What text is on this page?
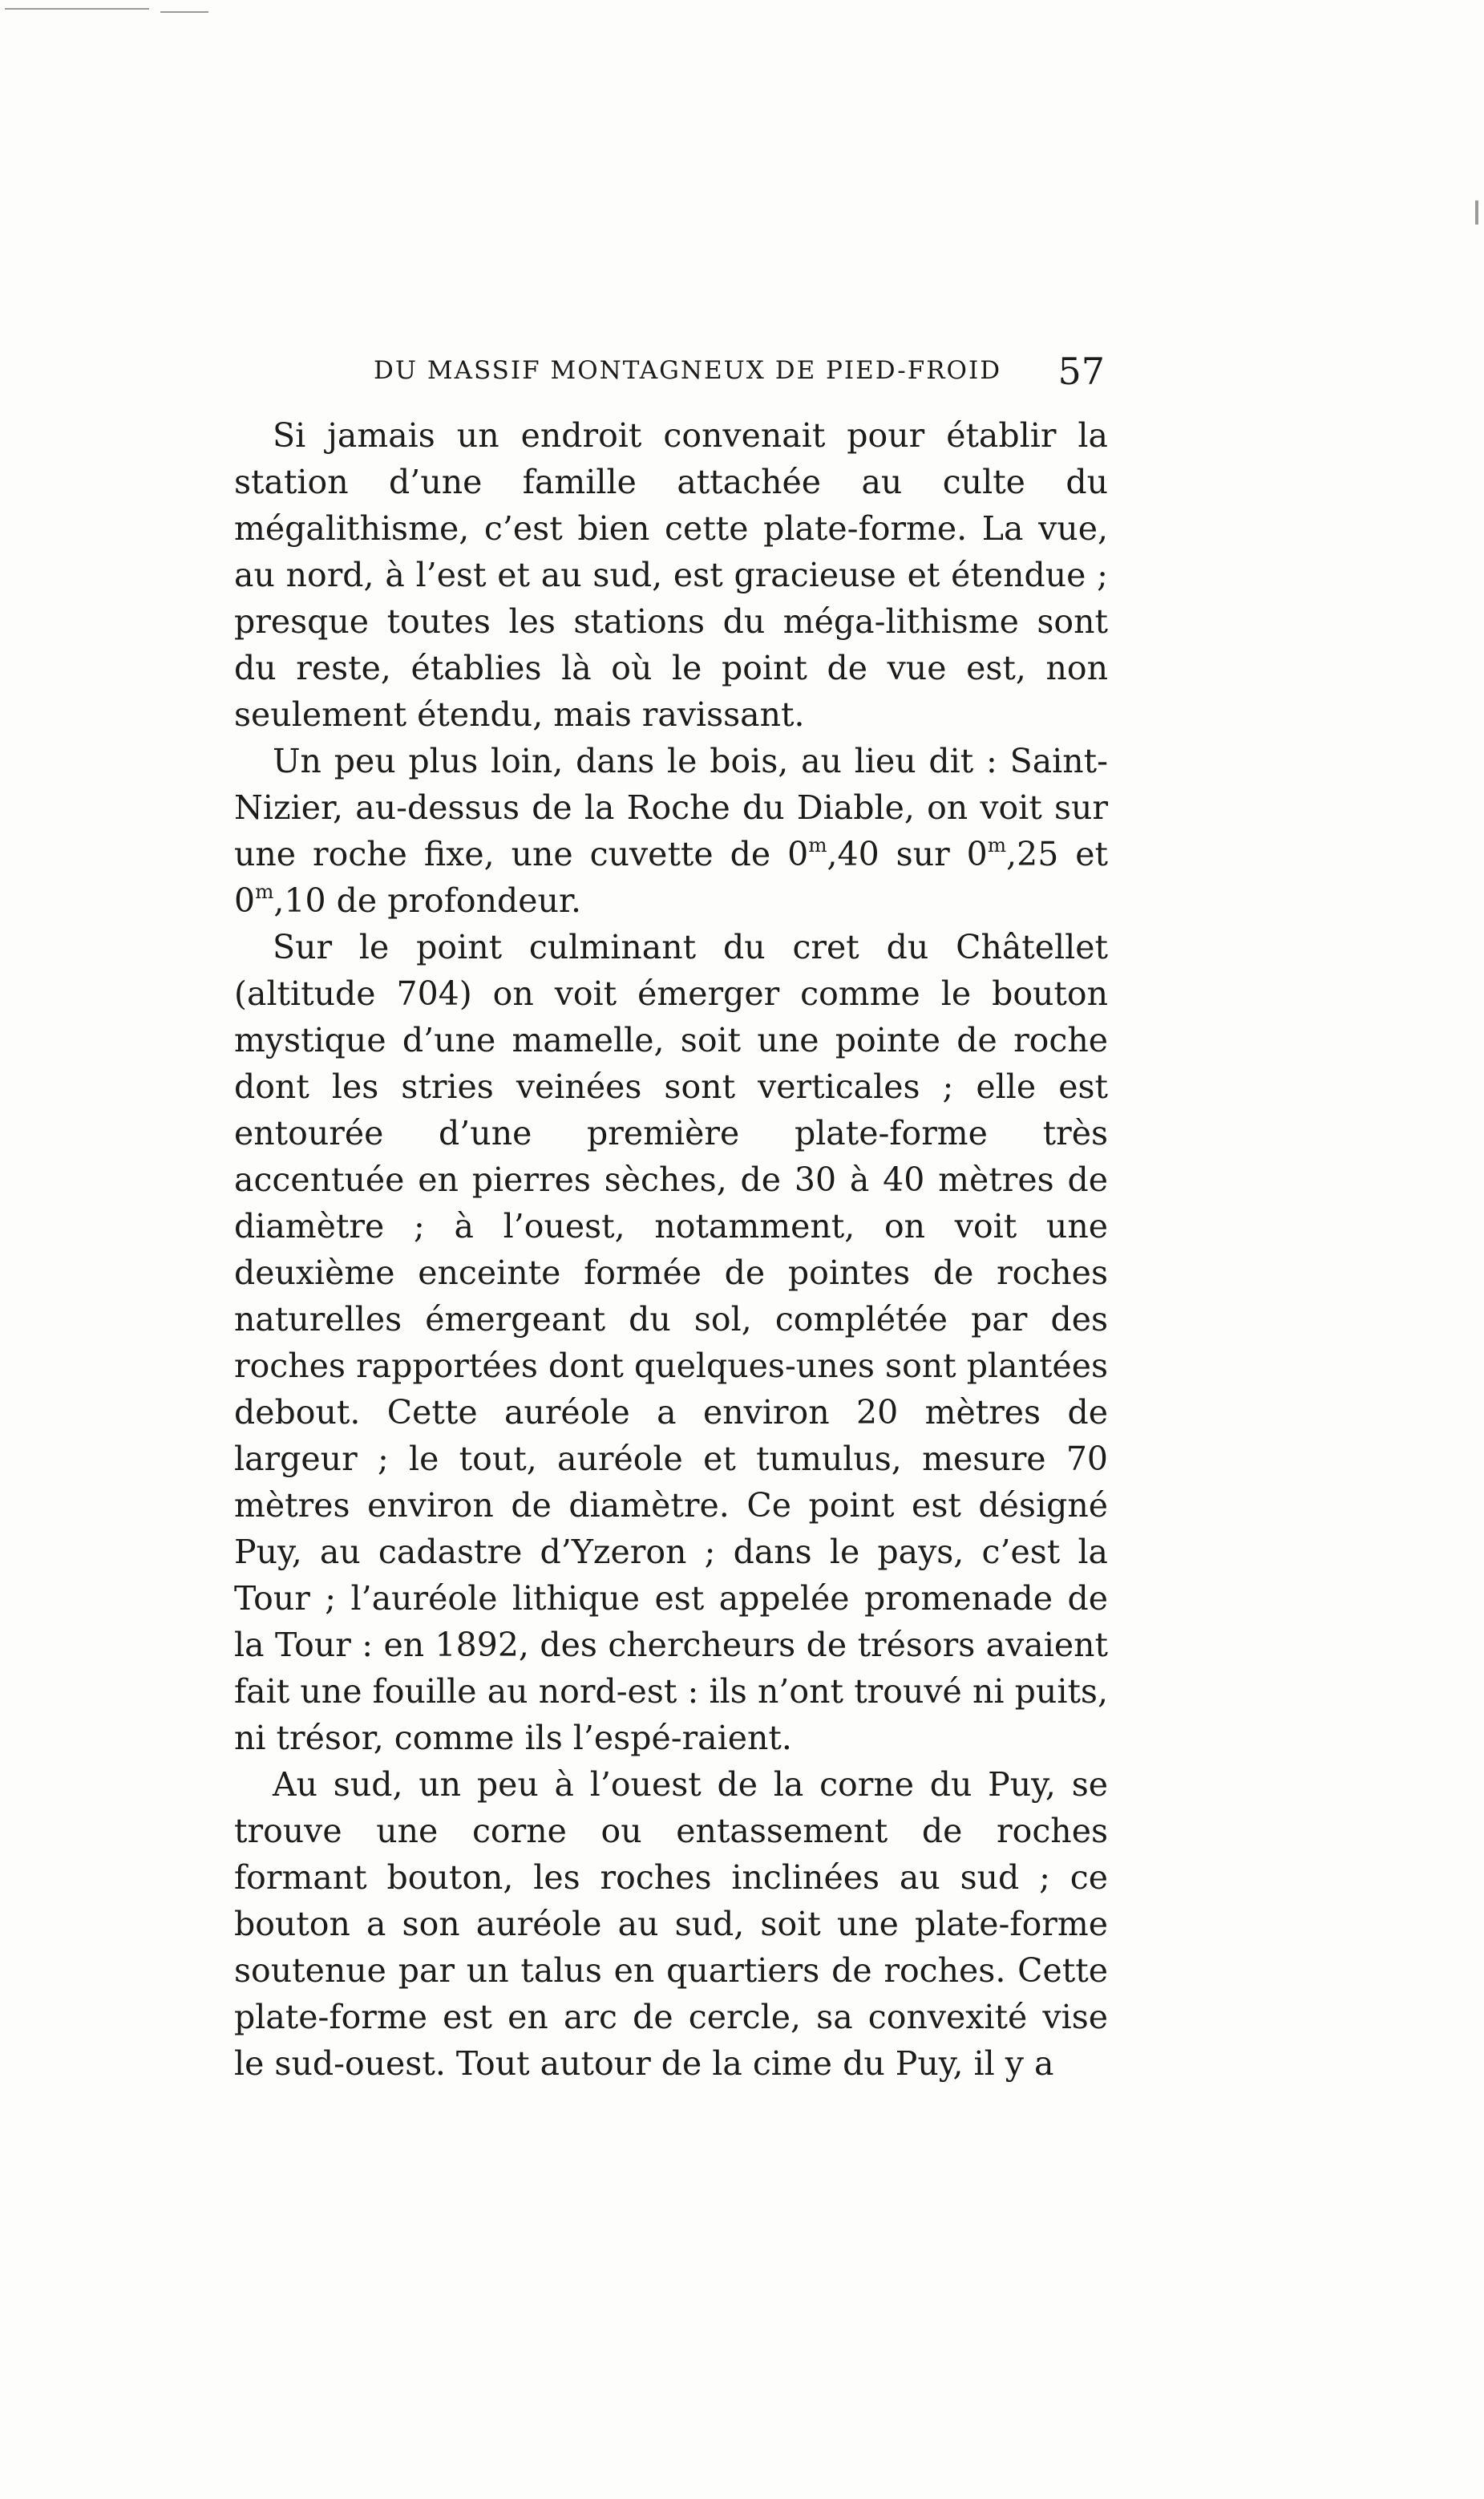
DU MASSIF MONTAGNEUX DE PIED-FROID 57

Si jamais un endroit convenait pour établir la station d’une famille attachée au culte du mégalithisme, c’est bien cette plate-forme. La vue, au nord, à l’est et au sud, est gracieuse et étendue ; presque toutes les stations du méga-lithisme sont du reste, établies là où le point de vue est, non seulement étendu, mais ravissant.

Un peu plus loin, dans le bois, au lieu dit : Saint-Nizier, au-dessus de la Roche du Diable, on voit sur une roche fixe, une cuvette de 0$^m$,40 sur 0$^m$,25 et 0$^m$,10 de profondeur.

Sur le point culminant du cret du Châtellet (altitude 704) on voit émerger comme le bouton mystique d’une mamelle, soit une pointe de roche dont les stries veinées sont verticales ; elle est entourée d’une première plate-forme très accentuée en pierres sèches, de 30 à 40 mètres de diamètre ; à l’ouest, notamment, on voit une deuxième enceinte formée de pointes de roches naturelles émergeant du sol, complétée par des roches rapportées dont quelques-unes sont plantées debout. Cette auréole a environ 20 mètres de largeur ; le tout, auréole et tumulus, mesure 70 mètres environ de diamètre. Ce point est désigné Puy, au cadastre d’Yzeron ; dans le pays, c’est la Tour ; l’auréole lithique est appelée promenade de la Tour : en 1892, des chercheurs de trésors avaient fait une fouille au nord-est : ils n’ont trouvé ni puits, ni trésor, comme ils l’espé-raient.

Au sud, un peu à l’ouest de la corne du Puy, se trouve une corne ou entassement de roches formant bouton, les roches inclinées au sud ; ce bouton a son auréole au sud, soit une plate-forme soutenue par un talus en quartiers de roches. Cette plate-forme est en arc de cercle, sa convexité vise le sud-ouest. Tout autour de la cime du Puy, il y a
